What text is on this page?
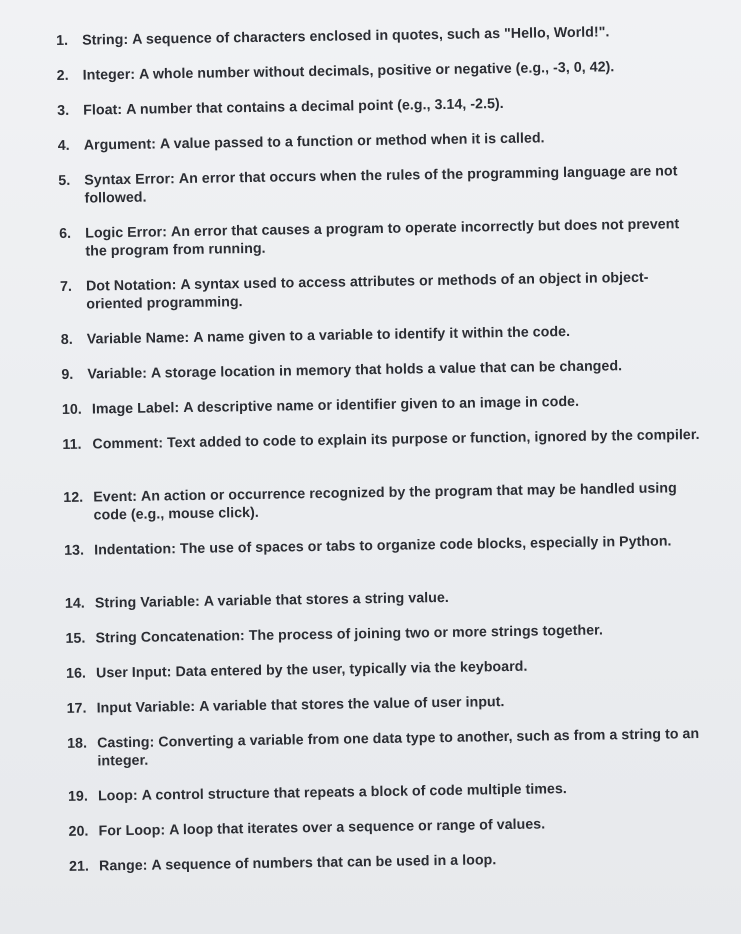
1. String : A sequence of characters enclosed in quotes, such as "Hello, World!".
2. Integer : A whole number without decimals, positive or negative (e.g., -3, 0, 42).
3. Float : A number that contains a decimal point (e.g., 3.14, -2.5).
4. Argument : A value passed to a function or method when it is called.
5. Syntax Error : An error that occurs when the rules of the programming language are not followed.
6. Logic Error : An error that causes a program to operate incorrectly but does not prevent the program from running.
7. Dot Notation : A syntax used to access attributes or methods of an object in object-oriented programming.
8. Variable Name : A name given to a variable to identify it within the code.
9. Variable : A storage location in memory that holds a value that can be changed.
10. Image Label : A descriptive name or identifier given to an image in code.
11. Comment : Text added to code to explain its purpose or function, ignored by the compiler.
12. Event : An action or occurrence recognized by the program that may be handled using code (e.g., mouse click).
13. Indentation : The use of spaces or tabs to organize code blocks, especially in Python.
14. String Variable : A variable that stores a string value.
15. String Concatenation : The process of joining two or more strings together.
16. User Input : Data entered by the user, typically via the keyboard.
17. Input Variable : A variable that stores the value of user input.
18. Casting : Converting a variable from one data type to another, such as from a string to an integer.
19. Loop : A control structure that repeats a block of code multiple times.
20. For Loop : A loop that iterates over a sequence or range of values.
21. Range : A sequence of numbers that can be used in a loop.
